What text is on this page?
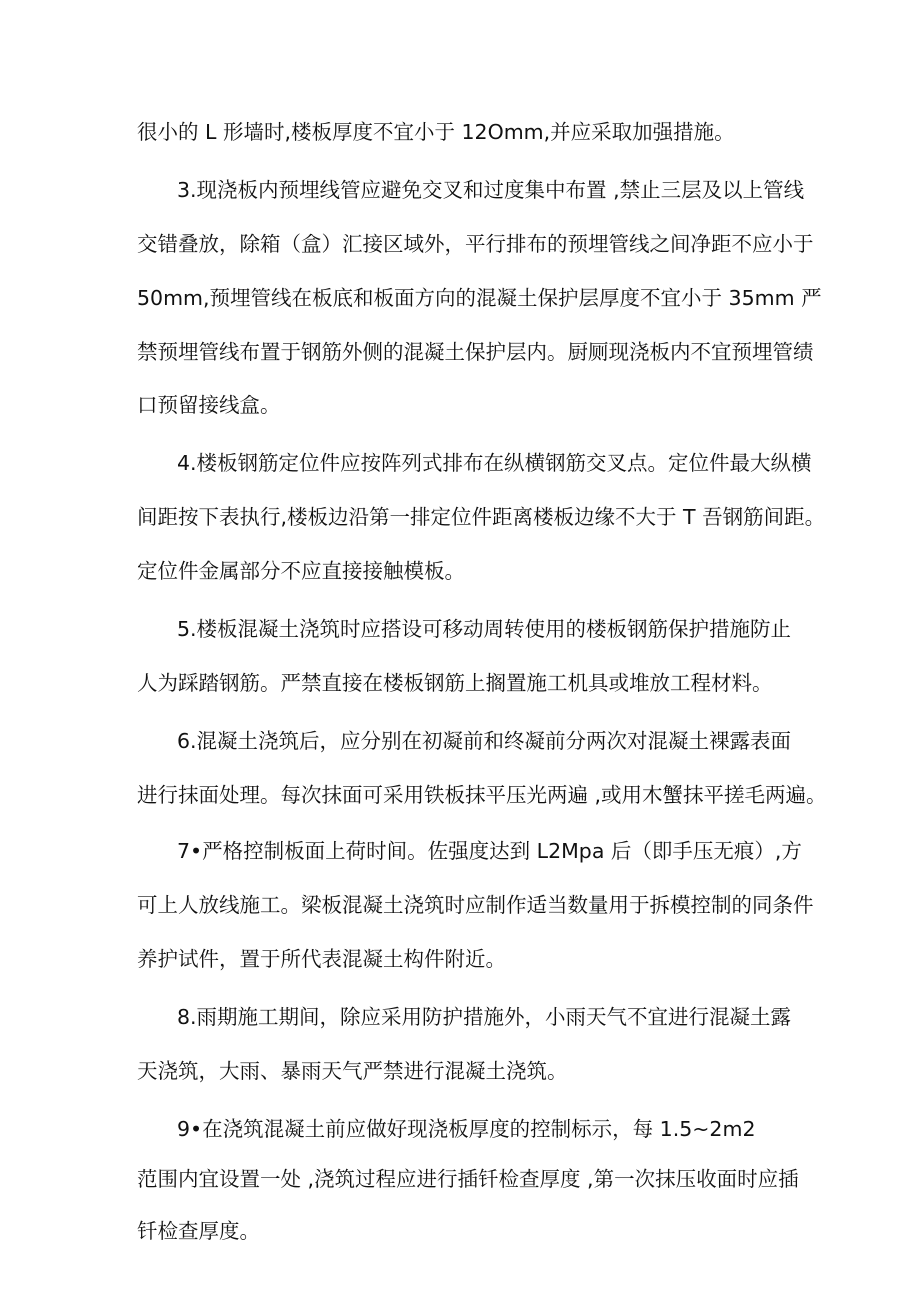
很小的 L 形墙时,楼板厚度不宜小于 12Omm,并应采取加强措施。
3.现浇板内预埋线管应避免交叉和过度集中布置 ,禁止三层及以上管线
交错叠放，除箱（盒）汇接区域外，平行排布的预埋管线之间净距不应小于
50mm,预埋管线在板底和板面方向的混凝土保护层厚度不宜小于 35mm 严
禁预埋管线布置于钢筋外侧的混凝土保护层内。厨厕现浇板内不宜预埋管绩
口预留接线盒。
4.楼板钢筋定位件应按阵列式排布在纵横钢筋交叉点。定位件最大纵横
间距按下表执行,楼板边沿第一排定位件距离楼板边缘不大于 T 吾钢筋间距。
定位件金属部分不应直接接触模板。
5.楼板混凝土浇筑时应搭设可移动周转使用的楼板钢筋保护措施防止
人为踩踏钢筋。严禁直接在楼板钢筋上搁置施工机具或堆放工程材料。
6.混凝土浇筑后，应分别在初凝前和终凝前分两次对混凝土裸露表面
进行抹面处理。每次抹面可采用铁板抹平压光两遍 ,或用木蟹抹平搓毛两遍。
7•严格控制板面上荷时间。佐强度达到 L2Mpa 后（即手压无痕）,方
可上人放线施工。梁板混凝土浇筑时应制作适当数量用于拆模控制的同条件
养护试件，置于所代表混凝土构件附近。
8.雨期施工期间，除应采用防护措施外，小雨天气不宜进行混凝土露
天浇筑，大雨、暴雨天气严禁进行混凝土浇筑。
9•在浇筑混凝土前应做好现浇板厚度的控制标示，每 1.5~2m2
范围内宜设置一处 ,浇筑过程应进行插钎检查厚度 ,第一次抹压收面时应插
钎检查厚度。
